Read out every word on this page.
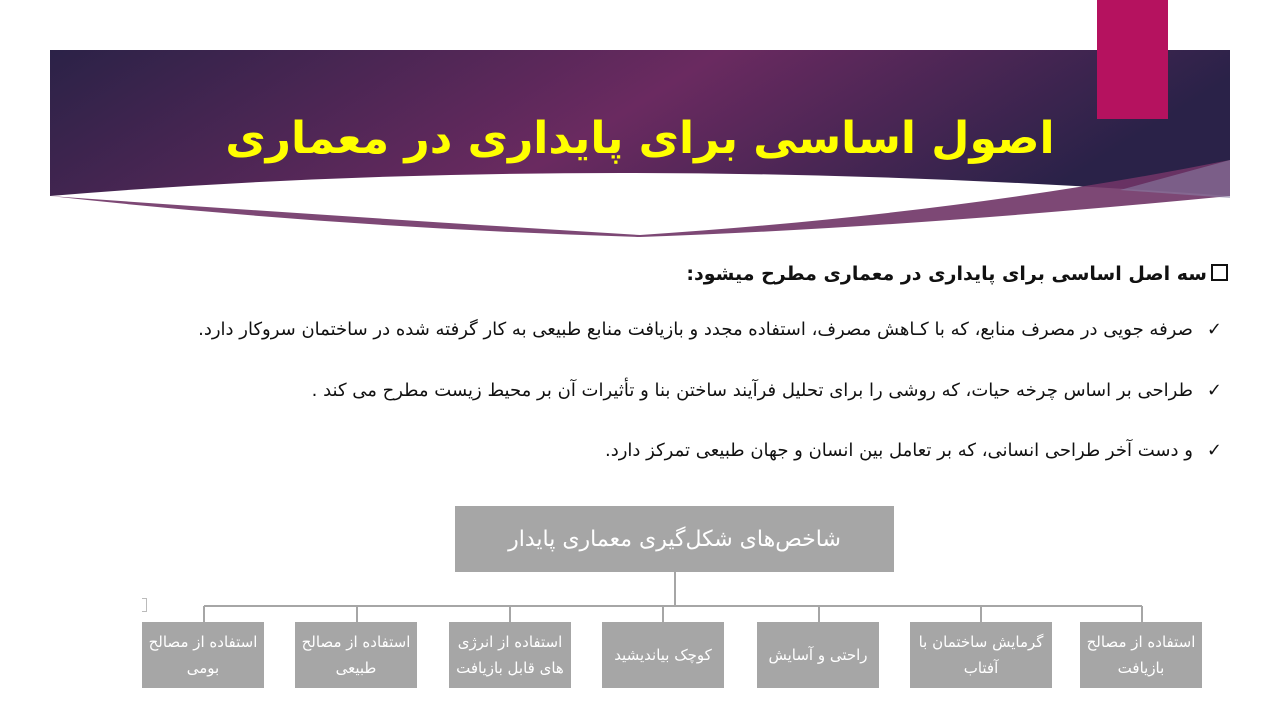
اصول اساسی برای پایداری در معماری
سه اصل اساسی برای پایداری در معماری مطرح میشود:
✓صرفه جویی در مصرف منابع، که با کـاهش مصرف، استفاده مجدد و بازیافت منابع طبیعی به کار گرفته شده در ساختمان سروکار دارد.
✓طراحی بر اساس چرخه حیات، که روشی را برای تحلیل فرآیند ساختن بنا و تأثیرات آن بر محیط زیست مطرح می کند .
✓و دست آخر طراحی انسانی، که بر تعامل بین انسان و جهان طبیعی تمرکز دارد.
شاخص‌های شکل‌گیری معماری پایدار
استفاده از مصالح بازیافت
گرمایش ساختمان با آفتاب
راحتی و آسایش
کوچک بیاندیشید
استفاده از انرژی های قابل بازیافت
استفاده از مصالح طبیعی
استفاده از مصالح بومی
